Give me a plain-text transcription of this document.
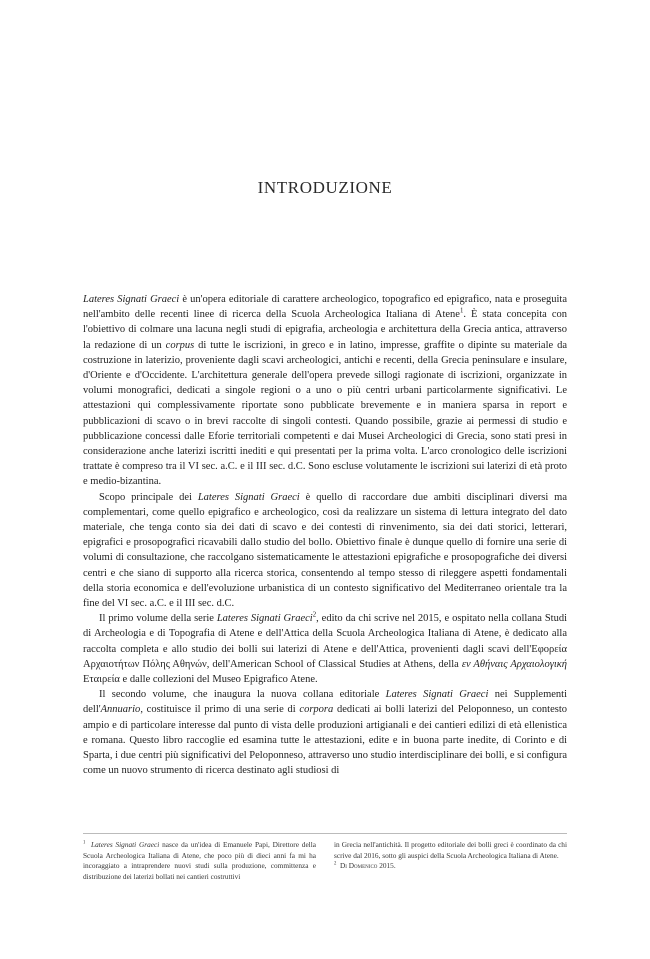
INTRODUZIONE

Lateres Signati Graeci è un'opera editoriale di carattere archeologico, topografico ed epigrafico, nata e proseguita nell'ambito delle recenti linee di ricerca della Scuola Archeologica Italiana di Atene$^1$. È stata concepita con l'obiettivo di colmare una lacuna negli studi di epigrafia, archeologia e architettura della Grecia antica, attraverso la redazione di un corpus di tutte le iscrizioni, in greco e in latino, impresse, graffite o dipinte su materiale da costruzione in laterizio, proveniente dagli scavi archeologici, antichi e recenti, della Grecia peninsulare e insulare, d'Oriente e d'Occidente. L'architettura generale dell'opera prevede sillogi ragionate di iscrizioni, organizzate in volumi monografici, dedicati a singole regioni o a uno o più centri urbani particolarmente significativi. Le attestazioni qui complessivamente riportate sono pubblicate brevemente e in maniera sparsa in report e pubblicazioni di scavo o in brevi raccolte di singoli contesti. Quando possibile, grazie ai permessi di studio e pubblicazione concessi dalle Eforie territoriali competenti e dai Musei Archeologici di Grecia, sono stati presi in considerazione anche laterizi iscritti inediti e qui presentati per la prima volta. L'arco cronologico delle iscrizioni trattate è compreso tra il VI sec. a.C. e il III sec. d.C. Sono escluse volutamente le iscrizioni sui laterizi di età proto e medio-bizantina.

Scopo principale dei Lateres Signati Graeci è quello di raccordare due ambiti disciplinari diversi ma complementari, come quello epigrafico e archeologico, così da realizzare un sistema di lettura integrato del dato materiale, che tenga conto sia dei dati di scavo e dei contesti di rinvenimento, sia dei dati storici, letterari, epigrafici e prosopografici ricavabili dallo studio del bollo. Obiettivo finale è dunque quello di fornire una serie di volumi di consultazione, che raccolgano sistematicamente le attestazioni epigrafiche e prosopografiche dei diversi centri e che siano di supporto alla ricerca storica, consentendo al tempo stesso di rileggere aspetti fondamentali della storia economica e dell'evoluzione urbanistica di un contesto significativo del Mediterraneo orientale tra la fine del VI sec. a.C. e il III sec. d.C.

Il primo volume della serie Lateres Signati Graeci$^2$, edito da chi scrive nel 2015, e ospitato nella collana Studi di Archeologia e di Topografia di Atene e dell'Attica della Scuola Archeologica Italiana di Atene, è dedicato alla raccolta completa e allo studio dei bolli sui laterizi di Atene e dell'Attica, provenienti dagli scavi dell'Εφορεία Αρχαιοτήτων Πόλης Αθηνών, dell'American School of Classical Studies at Athens, della εν Αθήναις Αρχαιολογική Εταιρεία e dalle collezioni del Museo Epigrafico Atene.

Il secondo volume, che inaugura la nuova collana editoriale Lateres Signati Graeci nei Supplementi dell'Annuario, costituisce il primo di una serie di corpora dedicati ai bolli laterizi del Peloponneso, un contesto ampio e di particolare interesse dal punto di vista delle produzioni artigianali e dei cantieri edilizi di età ellenistica e romana. Questo libro raccoglie ed esamina tutte le attestazioni, edite e in buona parte inedite, di Corinto e di Sparta, i due centri più significativi del Peloponneso, attraverso uno studio interdisciplinare dei bolli, e si configura come un nuovo strumento di ricerca destinato agli studiosi di

$^1$ Lateres Signati Graeci nasce da un'idea di Emanuele Papi, Direttore della Scuola Archeologica Italiana di Atene, che poco più di dieci anni fa mi ha incoraggiato a intraprendere nuovi studi sulla produzione, committenza e distribuzione dei laterizi bollati nei cantieri costruttivi

in Grecia nell'antichità. Il progetto editoriale dei bolli greci è coordinato da chi scrive dal 2016, sotto gli auspici della Scuola Archeologica Italiana di Atene.

$^2$ Di Domenico 2015.
